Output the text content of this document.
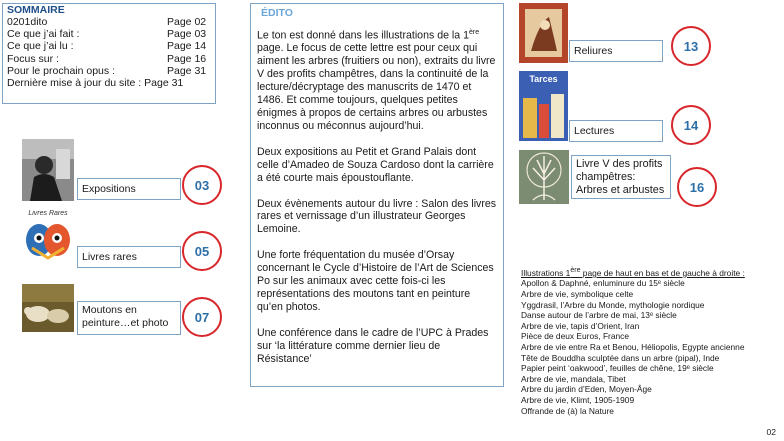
SOMMAIRE
0201dito	Page 02
Ce que j’ai fait :	Page 03
Ce que j’ai lu :	Page 14
Focus sur :	Page 16
Pour le prochain opus :	Page 31
Dernière mise à jour du site : Page 31
Expositions	03
Livres Rares
Livres rares	05
Moutons en
peinture…et photo	07
ÉDITO

Le ton est donné dans les illustrations de la 1ère page. Le focus de cette lettre est pour ceux qui aiment les arbres (fruitiers ou non), extraits du livre V des profits champêtres, dans la continuité de la lecture/décryptage des manuscrits de 1470 et 1486. Et comme toujours, quelques petites énigmes à propos de certains arbres ou arbustes inconnus ou méconnus aujourd’hui.

Deux expositions au Petit et Grand Palais dont celle d’Amadeo de Souza Cardoso dont la carrière a été courte mais époustouflante.

Deux évènements autour du livre : Salon des livres rares et vernissage d’un illustrateur Georges Lemoine.

Une forte fréquentation du musée d’Orsay concernant le Cycle d’Histoire de l’Art de Sciences Po sur les animaux avec cette fois-ci les représentations des moutons tant en peinture qu’en photos.

Une conférence dans le cadre de l’UPC à Prades sur ‘la littérature comme dernier lieu de Résistance’

Reliures	13
Tarces
Lectures	14
Livre V des profits
champêtres:
Arbres et arbustes 16
Illustrations 1ère page de haut en bas et de gauche à droite :
Apollon & Daphné, enluminure du 15ᵉ siècle
Arbre de vie, symbolique celte
Yggdrasil, l’Arbre du Monde, mythologie nordique
Danse autour de l’arbre de mai, 13ᵉ siècle
Arbre de vie, tapis d’Orient, Iran
Pièce de deux Euros, France
Arbre de vie entre Ra et Benou, Héliopolis, Egypte ancienne
Tête de Bouddha sculptée dans un arbre (pipal), Inde
Papier peint ‘oakwood’, feuilles de chêne, 19ᵉ siècle
Arbre de vie, mandala, Tibet
Arbre du jardin d’Eden, Moyen-Âge
Arbre de vie, Klimt, 1905-1909
Offrande de (à) la Nature
02
